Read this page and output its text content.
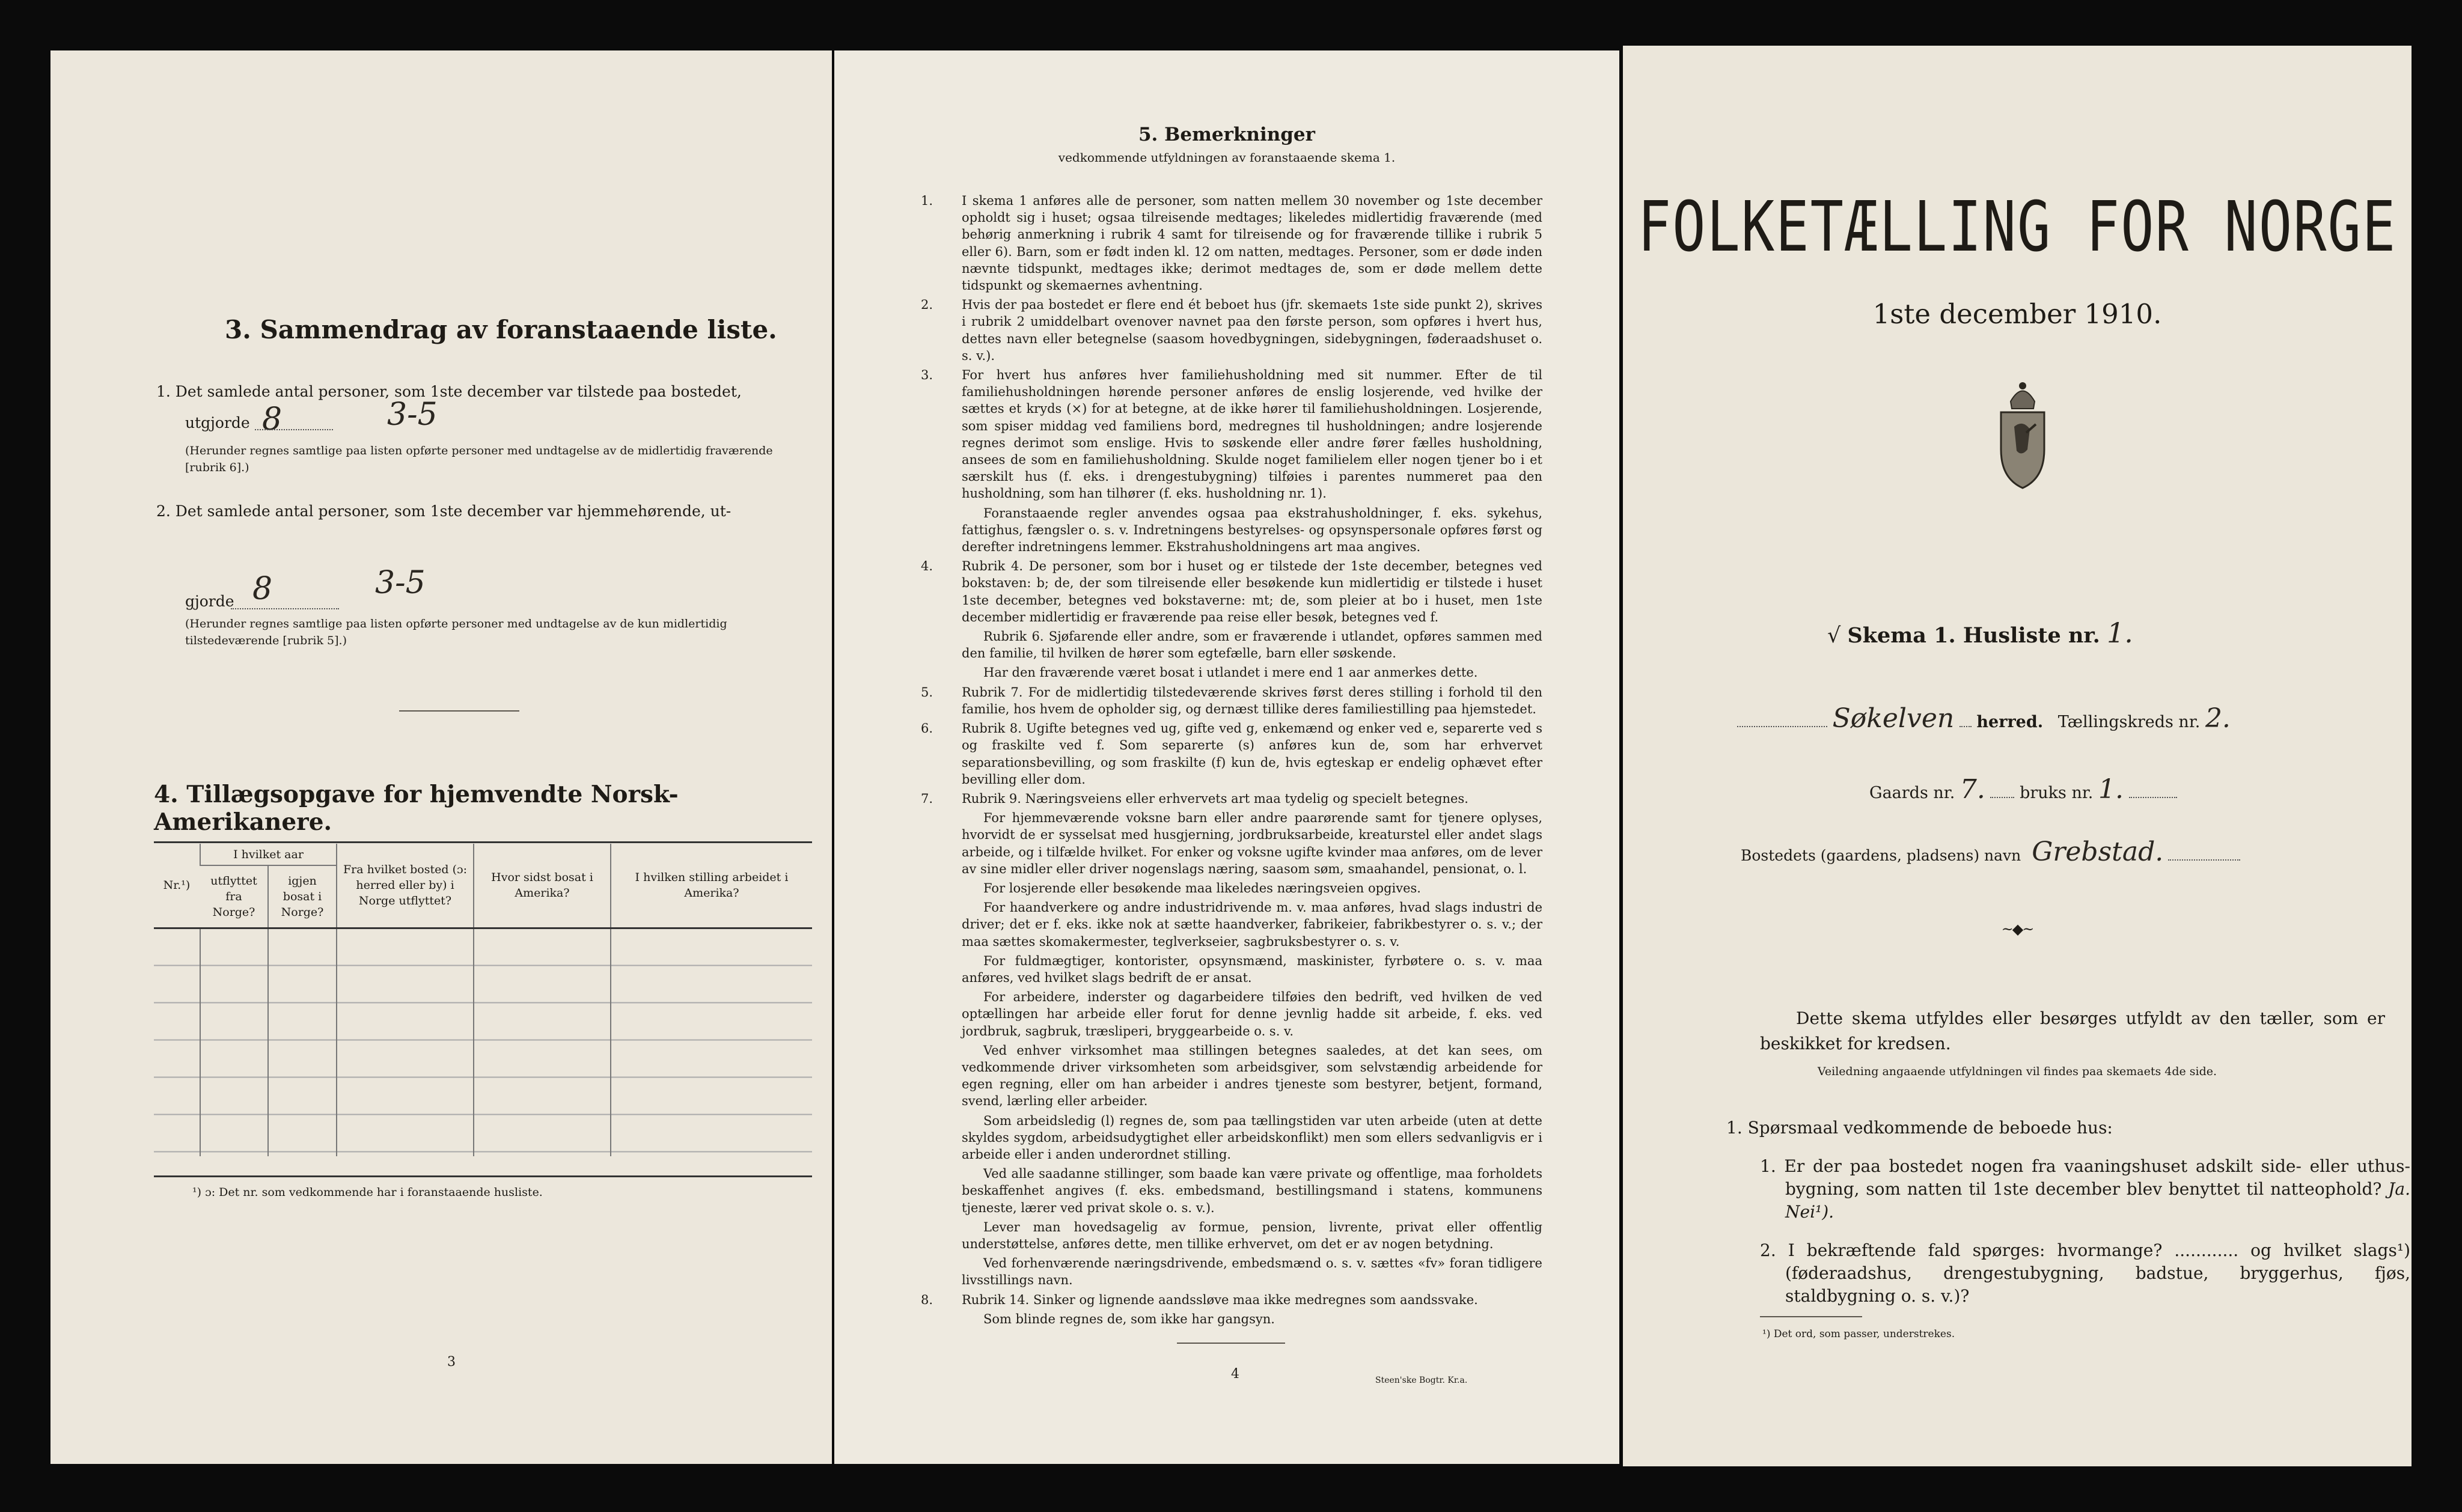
3. Sammendrag av foranstaaende liste.
1. Det samlede antal personer, som 1ste december var tilstede paa bostedet,
utgjorde 8	3-5
(Herunder regnes samtlige paa listen opførte personer med undtagelse av de midlertidig fraværende [rubrik 6].)
2. Det samlede antal personer, som 1ste december var hjemmehørende, ut-
gjorde 8	3-5
(Herunder regnes samtlige paa listen opførte personer med undtagelse av de kun midlertidig tilstedeværende [rubrik 5].)
4. Tillægsopgave for hjemvendte Norsk-Amerikanere.
Nr.¹)	I hvilket aar		Fra hvilket bosted (ɔ: herred eller by) i Norge utflyttet?	Hvor sidst bosat i Amerika?	I hvilken stilling arbeidet i Amerika?
	utflyttet fra Norge?	igjen bosat i Norge?			

¹) ɔ: Det nr. som vedkommende har i foranstaaende husliste.
3
5. Bemerkninger
vedkommende utfyldningen av foranstaaende skema 1.

1. I skema 1 anføres alle de personer, som natten mellem 30 november og 1ste december opholdt sig i huset; ogsaa tilreisende medtages; likeledes midlertidig fraværende (med behørig anmerkning i rubrik 4 samt for tilreisende og for fraværende tillike i rubrik 5 eller 6). Barn, som er født inden kl. 12 om natten, medtages. Personer, som er døde inden nævnte tidspunkt, medtages ikke; derimot medtages de, som er døde mellem dette tidspunkt og skemaernes avhentning.

2. Hvis der paa bostedet er flere end ét beboet hus (jfr. skemaets 1ste side punkt 2), skrives i rubrik 2 umiddelbart ovenover navnet paa den første person, som opføres i hvert hus, dettes navn eller betegnelse (saasom hovedbygningen, sidebygningen, føderaadshuset o. s. v.).

3. For hvert hus anføres hver familiehusholdning med sit nummer. Efter de til familiehusholdningen hørende personer anføres de enslig losjerende, ved hvilke der sættes et kryds (×) for at betegne, at de ikke hører til familiehusholdningen. Losjerende, som spiser middag ved familiens bord, medregnes til husholdningen; andre losjerende regnes derimot som enslige. Hvis to søskende eller andre fører fælles husholdning, ansees de som en familiehusholdning. Skulde noget familielem eller nogen tjener bo i et særskilt hus (f. eks. i drengestubygning) tilføies i parentes nummeret paa den husholdning, som han tilhører (f. eks. husholdning nr. 1).

Foranstaaende regler anvendes ogsaa paa ekstrahusholdninger, f. eks. sykehus, fattighus, fængsler o. s. v. Indretningens bestyrelses- og opsynspersonale opføres først og derefter indretningens lemmer. Ekstrahusholdningens art maa angives.

4. Rubrik 4. De personer, som bor i huset og er tilstede der 1ste december, betegnes ved bokstaven: b; de, der som tilreisende eller besøkende kun midlertidig er tilstede i huset 1ste december, betegnes ved bokstaverne: mt; de, som pleier at bo i huset, men 1ste december midlertidig er fraværende paa reise eller besøk, betegnes ved f.

Rubrik 6. Sjøfarende eller andre, som er fraværende i utlandet, opføres sammen med den familie, til hvilken de hører som egtefælle, barn eller søskende.

Har den fraværende været bosat i utlandet i mere end 1 aar anmerkes dette.

5. Rubrik 7. For de midlertidig tilstedeværende skrives først deres stilling i forhold til den familie, hos hvem de opholder sig, og dernæst tillike deres familiestilling paa hjemstedet.

6. Rubrik 8. Ugifte betegnes ved ug, gifte ved g, enkemænd og enker ved e, separerte ved s og fraskilte ved f. Som separerte (s) anføres kun de, som har erhvervet separationsbevilling, og som fraskilte (f) kun de, hvis egteskap er endelig ophævet efter bevilling eller dom.

7. Rubrik 9. Næringsveiens eller erhvervets art maa tydelig og specielt betegnes.

For hjemmeværende voksne barn eller andre paarørende samt for tjenere oplyses, hvorvidt de er sysselsat med husgjerning, jordbruksarbeide, kreaturstel eller andet slags arbeide, og i tilfælde hvilket. For enker og voksne ugifte kvinder maa anføres, om de lever av sine midler eller driver nogenslags næring, saasom søm, smaahandel, pensionat, o. l.

For losjerende eller besøkende maa likeledes næringsveien opgives.

For haandverkere og andre industridrivende m. v. maa anføres, hvad slags industri de driver; det er f. eks. ikke nok at sætte haandverker, fabrikeier, fabrikbestyrer o. s. v.; der maa sættes skomakermester, teglverkseier, sagbruksbestyrer o. s. v.

For fuldmægtiger, kontorister, opsynsmænd, maskinister, fyrbøtere o. s. v. maa anføres, ved hvilket slags bedrift de er ansat.

For arbeidere, inderster og dagarbeidere tilføies den bedrift, ved hvilken de ved optællingen har arbeide eller forut for denne jevnlig hadde sit arbeide, f. eks. ved jordbruk, sagbruk, træsliperi, bryggearbeide o. s. v.

Ved enhver virksomhet maa stillingen betegnes saaledes, at det kan sees, om vedkommende driver virksomheten som arbeidsgiver, som selvstændig arbeidende for egen regning, eller om han arbeider i andres tjeneste som bestyrer, betjent, formand, svend, lærling eller arbeider.

Som arbeidsledig (l) regnes de, som paa tællingstiden var uten arbeide (uten at dette skyldes sygdom, arbeidsudygtighet eller arbeidskonflikt) men som ellers sedvanligvis er i arbeide eller i anden underordnet stilling.

Ved alle saadanne stillinger, som baade kan være private og offentlige, maa forholdets beskaffenhet angives (f. eks. embedsmand, bestillingsmand i statens, kommunens tjeneste, lærer ved privat skole o. s. v.).

Lever man hovedsagelig av formue, pension, livrente, privat eller offentlig understøttelse, anføres dette, men tillike erhvervet, om det er av nogen betydning.

Ved forhenværende næringsdrivende, embedsmænd o. s. v. sættes «fv» foran tidligere livsstillings navn.

8. Rubrik 14. Sinker og lignende aandssløve maa ikke medregnes som aandssvake.

Som blinde regnes de, som ikke har gangsyn.

4	Steen'ske Bogtr. Kr.a.
FOLKETÆLLING FOR NORGE
1ste december 1910.
√ Skema 1. Husliste nr. 1.
Søkelven herred. Tællingskreds nr. 2.
Gaards nr. 7. bruks nr. 1.
Bostedets (gaardens, pladsens) navn Grebstad.
~◆~
Dette skema utfyldes eller besørges utfyldt av den tæller, som er beskikket for kredsen.
Veiledning angaaende utfyldningen vil findes paa skemaets 4de side.
1. Spørsmaal vedkommende de beboede hus:
1. Er der paa bostedet nogen fra vaaningshuset adskilt side- eller uthus-bygning, som natten til 1ste december blev benyttet til natteophold? Ja. Nei¹).
2. I bekræftende fald spørges: hvormange? ............ og hvilket slags¹) (føderaadshus, drengestubygning, badstue, bryggerhus, fjøs, staldbygning o. s. v.)?
¹) Det ord, som passer, understrekes.
